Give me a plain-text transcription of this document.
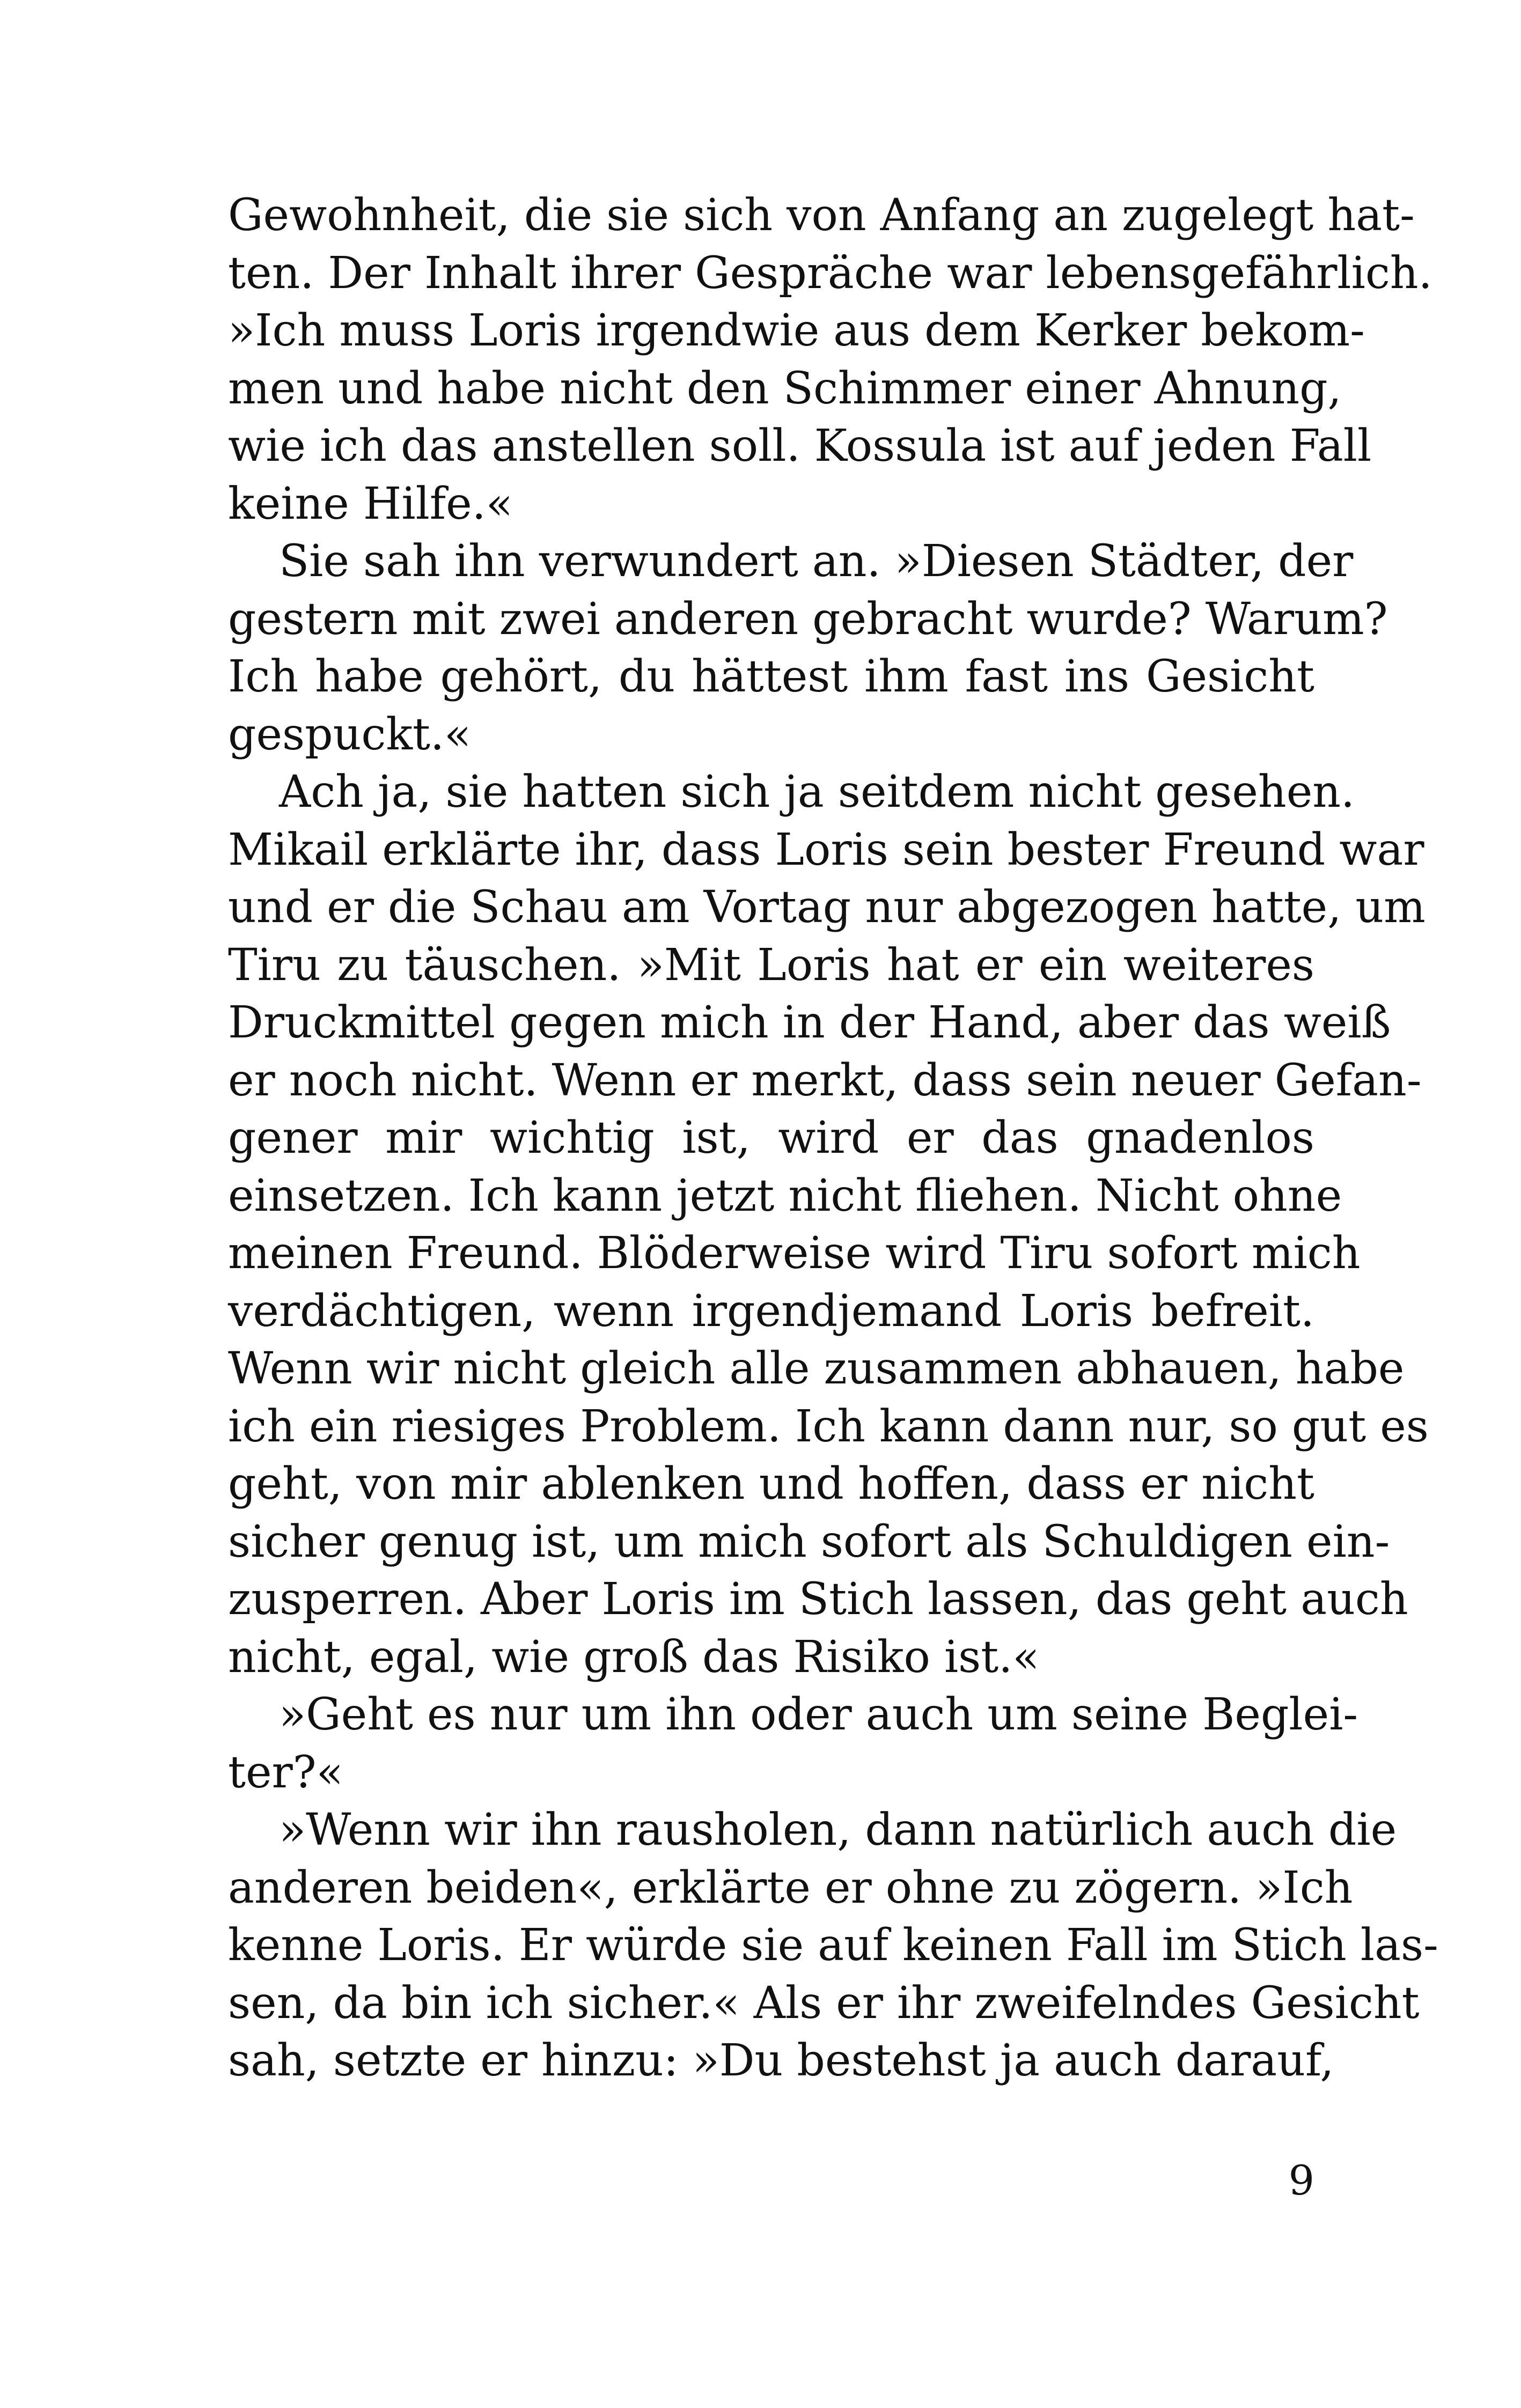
Gewohnheit, die sie sich von Anfang an zugelegt hat-
ten. Der Inhalt ihrer Gespräche war lebensgefährlich.
»Ich muss Loris irgendwie aus dem Kerker bekom-
men und habe nicht den Schimmer einer Ahnung,
wie ich das anstellen soll. Kossula ist auf jeden Fall
keine Hilfe.«
Sie sah ihn verwundert an. »Diesen Städter, der
gestern mit zwei anderen gebracht wurde? Warum?
Ich habe gehört, du hättest ihm fast ins Gesicht
gespuckt.«
Ach ja, sie hatten sich ja seitdem nicht gesehen.
Mikail erklärte ihr, dass Loris sein bester Freund war
und er die Schau am Vortag nur abgezogen hatte, um
Tiru zu täuschen. »Mit Loris hat er ein weiteres
Druckmittel gegen mich in der Hand, aber das weiß
er noch nicht. Wenn er merkt, dass sein neuer Gefan-
gener mir wichtig ist, wird er das gnadenlos
einsetzen. Ich kann jetzt nicht fliehen. Nicht ohne
meinen Freund. Blöderweise wird Tiru sofort mich
verdächtigen, wenn irgendjemand Loris befreit.
Wenn wir nicht gleich alle zusammen abhauen, habe
ich ein riesiges Problem. Ich kann dann nur, so gut es
geht, von mir ablenken und hoffen, dass er nicht
sicher genug ist, um mich sofort als Schuldigen ein-
zusperren. Aber Loris im Stich lassen, das geht auch
nicht, egal, wie groß das Risiko ist.«
»Geht es nur um ihn oder auch um seine Beglei-
ter?«
»Wenn wir ihn rausholen, dann natürlich auch die
anderen beiden«, erklärte er ohne zu zögern. »Ich
kenne Loris. Er würde sie auf keinen Fall im Stich las-
sen, da bin ich sicher.« Als er ihr zweifelndes Gesicht
sah, setzte er hinzu: »Du bestehst ja auch darauf,
9
